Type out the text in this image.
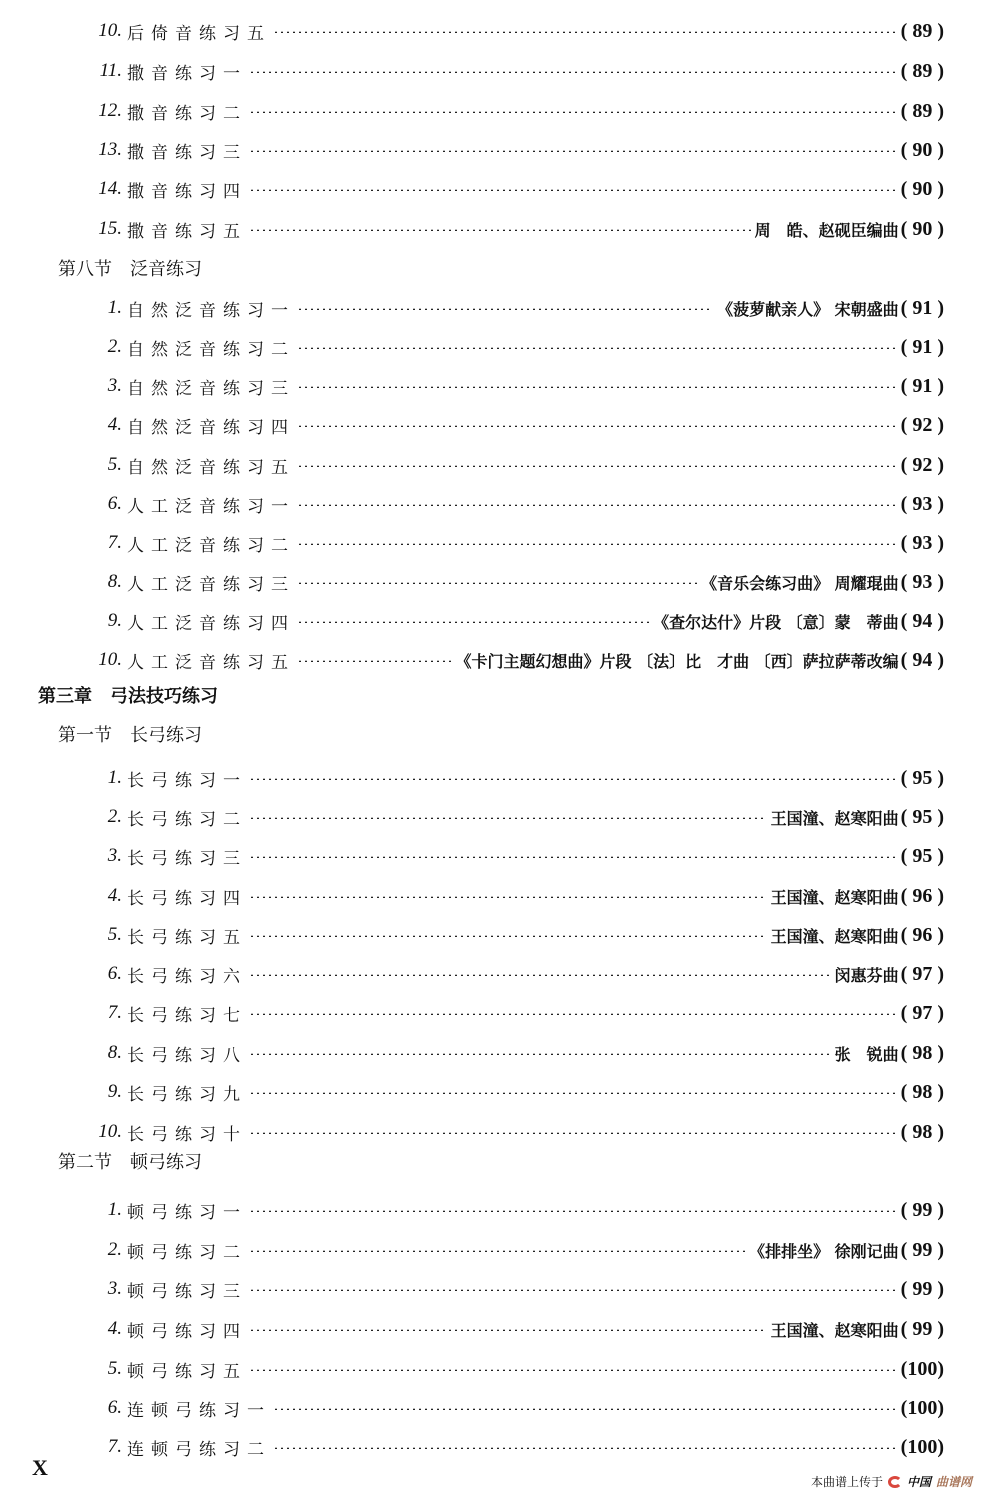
10. 后倚音练习五	( 89 )
11. 撒音练习一	( 89 )
12. 撒音练习二	( 89 )
13. 撒音练习三	( 90 )
14. 撒音练习四	( 90 )
15. 撒音练习五	周　皓、赵砚臣编曲 ( 90 )
第八节　泛音练习
1. 自然泛音练习一	《菠萝献亲人》 宋朝盛曲 ( 91 )
2. 自然泛音练习二	( 91 )
3. 自然泛音练习三	( 91 )
4. 自然泛音练习四	( 92 )
5. 自然泛音练习五	( 92 )
6. 人工泛音练习一	( 93 )
7. 人工泛音练习二	( 93 )
8. 人工泛音练习三	《音乐会练习曲》 周耀琨曲 ( 93 )
9. 人工泛音练习四	《查尔达什》片段 〔意〕蒙　蒂曲 ( 94 )
10. 人工泛音练习五	《卡门主题幻想曲》片段 〔法〕比　才曲 〔西〕萨拉萨蒂改编 ( 94 )
第三章　弓法技巧练习
第一节　长弓练习
1. 长弓练习一	( 95 )
2. 长弓练习二	王国潼、赵寒阳曲 ( 95 )
3. 长弓练习三	( 95 )
4. 长弓练习四	王国潼、赵寒阳曲 ( 96 )
5. 长弓练习五	王国潼、赵寒阳曲 ( 96 )
6. 长弓练习六	闵惠芬曲 ( 97 )
7. 长弓练习七	( 97 )
8. 长弓练习八	张　锐曲 ( 98 )
9. 长弓练习九	( 98 )
10. 长弓练习十	( 98 )
第二节　顿弓练习
1. 顿弓练习一	( 99 )
2. 顿弓练习二	《排排坐》 徐刚记曲 ( 99 )
3. 顿弓练习三	( 99 )
4. 顿弓练习四	王国潼、赵寒阳曲 ( 99 )
5. 顿弓练习五	(100)
6. 连顿弓练习一	(100)
7. 连顿弓练习二	(100)
X
本曲谱上传于 中国 曲谱网
